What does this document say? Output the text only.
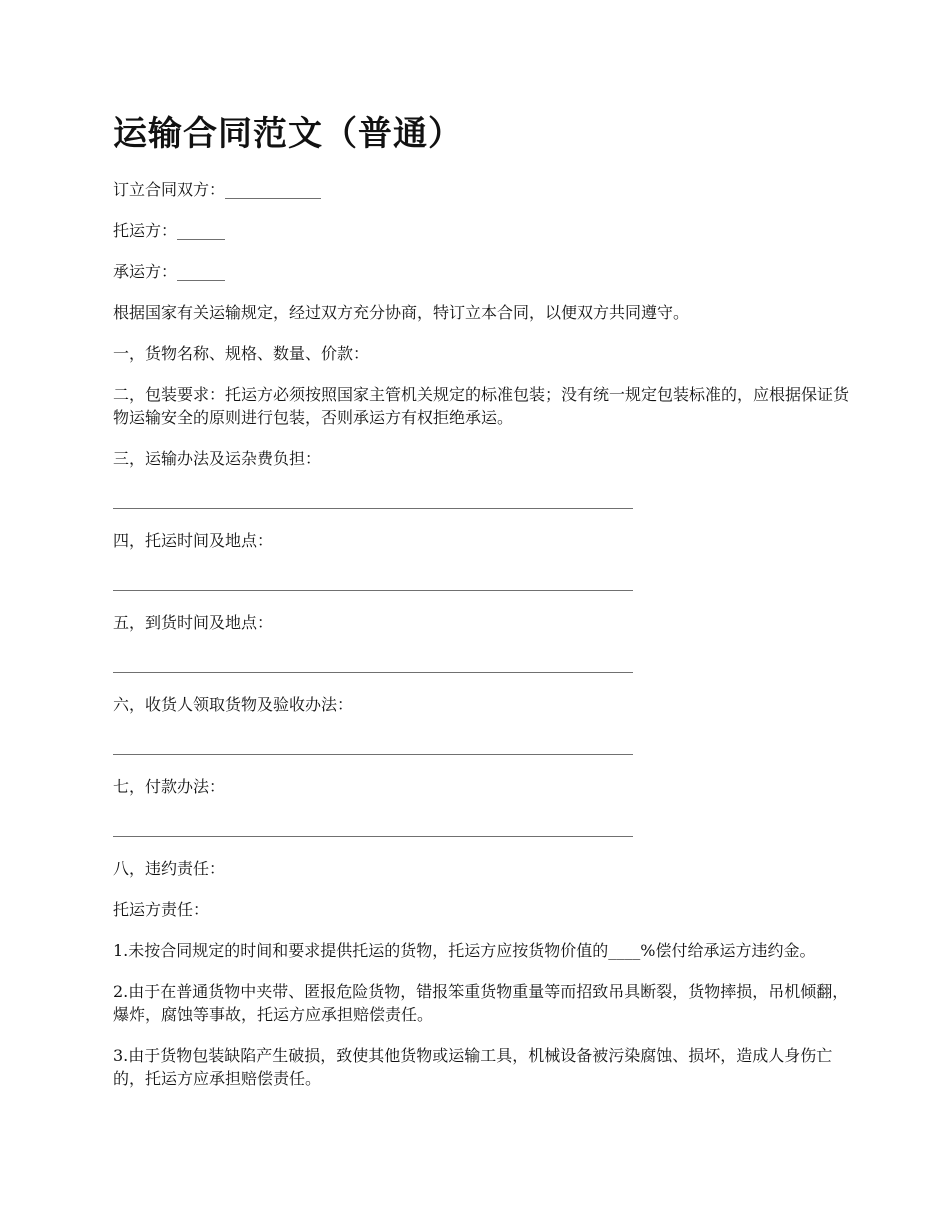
运输合同范文（普通）

订立合同双方：____________

托运方：______

承运方：______

根据国家有关运输规定，经过双方充分协商，特订立本合同，以便双方共同遵守。

一，货物名称、规格、数量、价款：

二，包装要求：托运方必须按照国家主管机关规定的标准包装；没有统一规定包装标准的，应根据保证货物运输安全的原则进行包装，否则承运方有权拒绝承运。

三，运输办法及运杂费负担：

_________________________________________________________________

四，托运时间及地点：

_________________________________________________________________

五，到货时间及地点：

_________________________________________________________________

六，收货人领取货物及验收办法：

_________________________________________________________________

七，付款办法：

_________________________________________________________________

八，违约责任：

托运方责任：

1.未按合同规定的时间和要求提供托运的货物，托运方应按货物价值的____%偿付给承运方违约金。

2.由于在普通货物中夹带、匿报危险货物，错报笨重货物重量等而招致吊具断裂，货物摔损，吊机倾翻，爆炸，腐蚀等事故，托运方应承担赔偿责任。

3.由于货物包装缺陷产生破损，致使其他货物或运输工具，机械设备被污染腐蚀、损坏，造成人身伤亡的，托运方应承担赔偿责任。
